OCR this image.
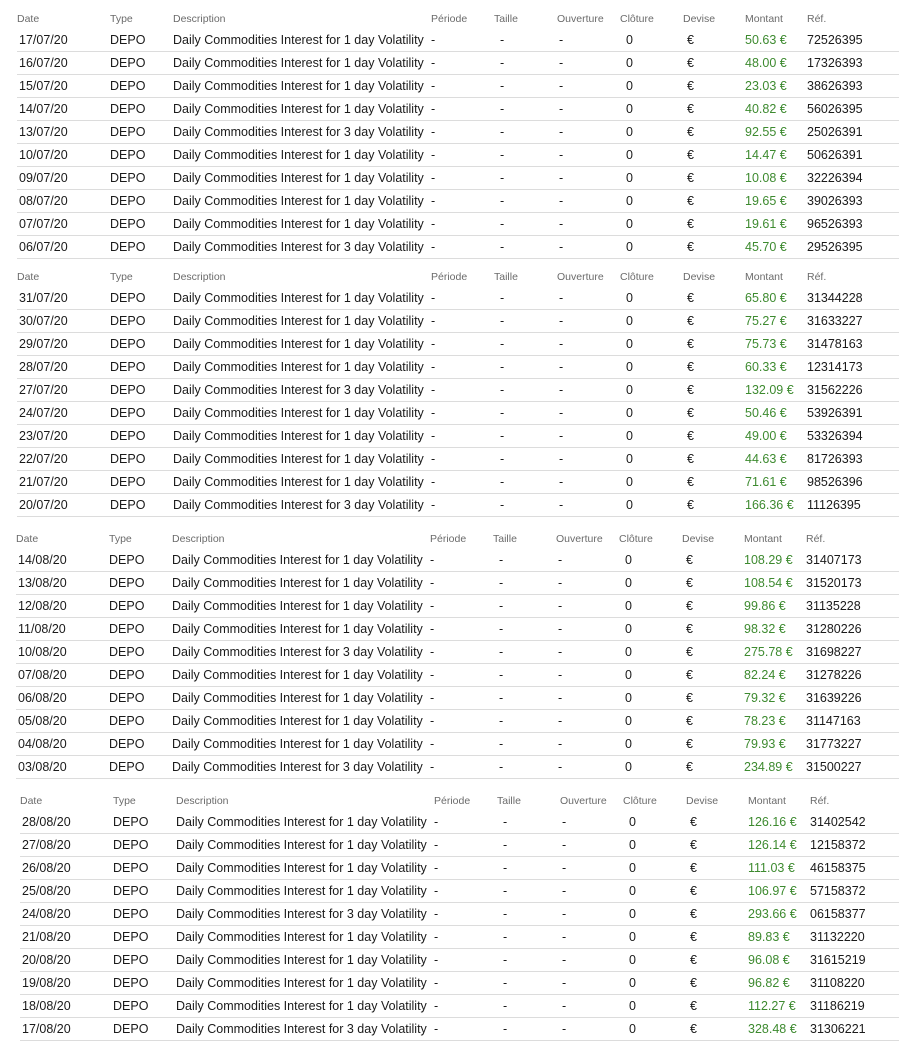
Date	Type	Description	Période	Taille	Ouverture Clôture	Devise	Montant Réf.
17/07/20	DEPO Daily Commodities Interest for 1 day Volatility -	-	-	0	€	50.63 € 72526395
16/07/20	DEPO Daily Commodities Interest for 1 day Volatility -	-	-	0	€	48.00 € 17326393
15/07/20	DEPO Daily Commodities Interest for 1 day Volatility -	-	-	0	€	23.03 € 38626393
14/07/20	DEPO Daily Commodities Interest for 1 day Volatility -	-	-	0	€	40.82 € 56026395
13/07/20	DEPO Daily Commodities Interest for 3 day Volatility -	-	-	0	€	92.55 € 25026391
10/07/20	DEPO Daily Commodities Interest for 1 day Volatility -	-	-	0	€	14.47 € 50626391
09/07/20	DEPO Daily Commodities Interest for 1 day Volatility -	-	-	0	€	10.08 € 32226394
08/07/20	DEPO Daily Commodities Interest for 1 day Volatility -	-	-	0	€	19.65 € 39026393
07/07/20	DEPO Daily Commodities Interest for 1 day Volatility -	-	-	0	€	19.61 € 96526393
06/07/20	DEPO Daily Commodities Interest for 3 day Volatility -	-	-	0	€	45.70 € 29526395
Date	Type	Description	Période	Taille	Ouverture Clôture	Devise	Montant Réf.
31/07/20	DEPO Daily Commodities Interest for 1 day Volatility -	-	-	0	€	65.80 € 31344228
30/07/20	DEPO Daily Commodities Interest for 1 day Volatility -	-	-	0	€	75.27 € 31633227
29/07/20	DEPO Daily Commodities Interest for 1 day Volatility -	-	-	0	€	75.73 € 31478163
28/07/20	DEPO Daily Commodities Interest for 1 day Volatility -	-	-	0	€	60.33 € 12314173
27/07/20	DEPO Daily Commodities Interest for 3 day Volatility -	-	-	0	€	132.09 € 31562226
24/07/20	DEPO Daily Commodities Interest for 1 day Volatility -	-	-	0	€	50.46 € 53926391
23/07/20	DEPO Daily Commodities Interest for 1 day Volatility -	-	-	0	€	49.00 € 53326394
22/07/20	DEPO Daily Commodities Interest for 1 day Volatility -	-	-	0	€	44.63 € 81726393
21/07/20	DEPO Daily Commodities Interest for 1 day Volatility -	-	-	0	€	71.61 € 98526396
20/07/20	DEPO Daily Commodities Interest for 3 day Volatility -	-	-	0	€	166.36 € 11126395
Date	Type	Description	Période	Taille	Ouverture Clôture	Devise	Montant Réf.
14/08/20	DEPO Daily Commodities Interest for 1 day Volatility -	-	-	0	€	108.29 € 31407173
13/08/20	DEPO Daily Commodities Interest for 1 day Volatility -	-	-	0	€	108.54 € 31520173
12/08/20	DEPO Daily Commodities Interest for 1 day Volatility -	-	-	0	€	99.86 € 31135228
11/08/20	DEPO Daily Commodities Interest for 1 day Volatility -	-	-	0	€	98.32 € 31280226
10/08/20	DEPO Daily Commodities Interest for 3 day Volatility -	-	-	0	€	275.78 € 31698227
07/08/20	DEPO Daily Commodities Interest for 1 day Volatility -	-	-	0	€	82.24 € 31278226
06/08/20	DEPO Daily Commodities Interest for 1 day Volatility -	-	-	0	€	79.32 € 31639226
05/08/20	DEPO Daily Commodities Interest for 1 day Volatility -	-	-	0	€	78.23 € 31147163
04/08/20	DEPO Daily Commodities Interest for 1 day Volatility -	-	-	0	€	79.93 € 31773227
03/08/20	DEPO Daily Commodities Interest for 3 day Volatility -	-	-	0	€	234.89 € 31500227
Date	Type	Description	Période	Taille	Ouverture Clôture	Devise	Montant Réf.
28/08/20	DEPO Daily Commodities Interest for 1 day Volatility -	-	-	0	€	126.16 € 31402542
27/08/20	DEPO Daily Commodities Interest for 1 day Volatility -	-	-	0	€	126.14 € 12158372
26/08/20	DEPO Daily Commodities Interest for 1 day Volatility -	-	-	0	€	111.03 € 46158375
25/08/20	DEPO Daily Commodities Interest for 1 day Volatility -	-	-	0	€	106.97 € 57158372
24/08/20	DEPO Daily Commodities Interest for 3 day Volatility -	-	-	0	€	293.66 € 06158377
21/08/20	DEPO Daily Commodities Interest for 1 day Volatility -	-	-	0	€	89.83 € 31132220
20/08/20	DEPO Daily Commodities Interest for 1 day Volatility -	-	-	0	€	96.08 € 31615219
19/08/20	DEPO Daily Commodities Interest for 1 day Volatility -	-	-	0	€	96.82 € 31108220
18/08/20	DEPO Daily Commodities Interest for 1 day Volatility -	-	-	0	€	112.27 € 31186219
17/08/20	DEPO Daily Commodities Interest for 3 day Volatility -	-	-	0	€	328.48 € 31306221
